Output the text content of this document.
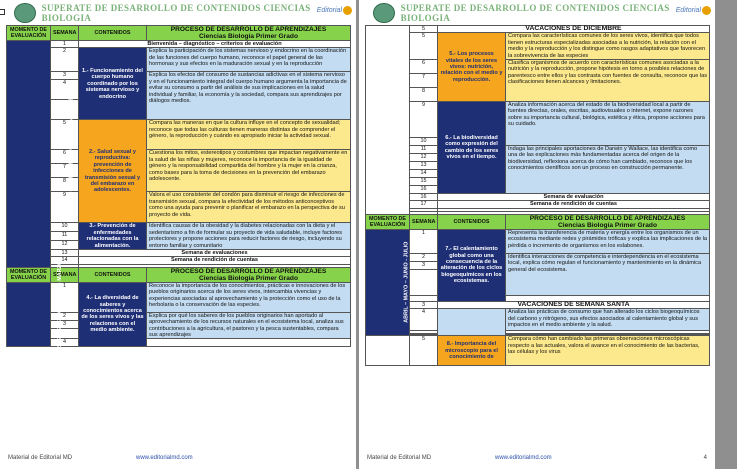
SUPERATE DE DESARROLLO DE CONTENIDOS CIENCIAS BIOLOGIA
Editorial
MOMENTO DE EVALUACIÓN	SEMANA	CONTENIDOS	PROCESO DE DESARROLLO DE APRENDIZAJES
Ciencias Biología Primer Grado

AGOSTO – SEPTIEMBRE OCTUBRE - NOVIEMBRE	1	Bienvenida – diagnóstico – criterios de evaluación	
	2	1.- Funcionamiento del cuerpo humano coordinado por los sistemas nervioso y endocrino	Explica la participación de los sistemas nervioso y endocrino en la coordinación de las funciones del cuerpo humano, reconoce el papel general de las hormonas y sus efectos en la maduración sexual y en la reproducción
	3		Explica los efectos del consumo de sustancias adictivas en el sistema nervioso y en el funcionamiento integral del cuerpo humano argumenta la importancia de evitar su consumo a partir del análisis de sus implicaciones en la salud individual y familiar, la economía y la sociedad, compara sus aprendizajes por diálogos medios.
	4		

	5	2.- Salud sexual y reproductiva: prevención de infecciones de transmisión sexual y del embarazo en adolescentes.	Compara las maneras en que la cultura influye en el concepto de sexualidad; reconoce que todas las culturas tienen maneras distintas de comprender el género, la reproducción y cuándo es apropiado iniciar la actividad sexual.
	6		Cuestiona los mitos, estereotipos y costumbres que impactan negativamente en la salud de las niñas y mujeres, reconoce la importancia de la igualdad de género y la responsabilidad compartida del hombre y la mujer en la crianza, como bases para la toma de decisiones en la prevención del embarazo adolescente.
	7		
	8		
	9		Valora el uso consistente del condón para disminuir el riesgo de infecciones de transmisión sexual, compara la efectividad de los métodos anticonceptivos como una ayuda para prevenir o planificar el embarazo en la perspectiva de su proyecto de vida.
	10	3.- Prevención de enfermedades relacionadas con la alimentación.	Identifica causas de la obesidad y la diabetes relacionadas con la dieta y el sedentarismo a fin de formular su proyecto de vida saludable, incluye factores protectores y propone acciones para reducir factores de riesgo, incluyendo su entorno familiar y comunitario
	11		
	12		
	13	Semana de evaluaciones	
	14	Semana de rendición de cuentas	

MOMENTO DE EVALUACIÓN	SEMANA	CONTENIDOS	PROCESO DE DESARROLLO DE APRENDIZAJES
Ciencias Biología Primer Grado

DICIEMBRE – ENERO FEBRERO- MARZO	1	4.- La diversidad de saberes y conocimientos acerca de los seres vivos y las relaciones con el medio ambiente.	Reconoce la importancia de los conocimientos, prácticas e innovaciones de los pueblos originarios acerca de los seres vivos, intercambia vivencias y experiencias asociadas al aprovechamiento y la protección como el uso de la herbolaria o la conservación de las especies.
	2		Explica por qué los saberes de los pueblos originarios han aportado al aprovechamiento de los recursos naturales en el ecosistema local, analiza sus contribuciones a la agricultura, el pastoreo y la pesca sustentables, compara sus aprendizajes
	3		

	4		
Material de Editorial MD	www.editorialmd.com
SUPERATE DE DESARROLLO DE CONTENIDOS CIENCIAS BIOLOGIA
Editorial
	5	VACACIONES DE DICIEMBRE	
	5	5.- Los procesos vitales de los seres vivos: nutrición, relación con el medio y reproducción.	Compara las características comunes de los seres vivos, identifica que todos tienen estructuras especializadas asociadas a la nutrición, la relación con el medio y la reproducción y los distingue como rasgos adaptativos que favorecen la sobrevivencia de las especies
	6		Clasifica organismos de acuerdo con características comunes asociadas a la nutrición y la reproducción, propone hipótesis en torno a posibles relaciones de parentesco entre ellos y las contrasta con fuentes de consulta, reconoce que las clasificaciones tienen alcances y limitaciones.
	7		
	8		
	9	6.- La biodiversidad como expresión del cambio de los seres vivos en el tiempo.	Analiza información acerca del estado de la biodiversidad local a partir de fuentes directas, orales, escritas, audiovisuales o internet, expone razones sobre su importancia cultural, biológica, estética y ética, propone acciones para su cuidado.
	10		
	11		Indaga las principales aportaciones de Darwin y Wallace, las identifica como una de las explicaciones más fundamentadas acerca del origen de la biodiversidad, reflexiona acerca de cómo han cambiado, reconoce que los conocimientos científicos son un proceso en construcción permanente.
	12		
	13		
	14		
	15		
	16		
	16	Semana de evaluación	
	17	Semana de rendición de cuentas	

MOMENTO DE EVALUACIÓN	SEMANA	CONTENIDOS	PROCESO DE DESARROLLO DE APRENDIZAJES
Ciencias Biología Primer Grado

ABRIL – MAYO – JUNIO - JULIO	1	7.- El calentamiento global como una consecuencia de la alteración de los ciclos biogeoquímicos en los ecosistemas.	Representa la transferencia de materia y energía entre los organismos de un ecosistema mediante redes y pirámides tróficas y explica las implicaciones de la pérdida o incremento de organismos en los eslabones.
	2		Identifica interacciones de competencia e interdependencia en el ecosistema local, explica cómo regulan el funcionamiento y mantenimiento en la dinámica general del ecosistema.
	3		

	3	VACACIONES DE SEMANA SANTA	
	4		Analiza las prácticas de consumo que han alterado los ciclos biogeoquímicos del carbono y nitrógeno, sus efectos asociados al calentamiento global y sus impactos en el medio ambiente y la salud.

	5	8.- Importancia del microscopio para el conocimiento de	Compara cómo han cambiado las primeras observaciones microscópicas respecto a las actuales, valora el avance en el conocimiento de las bacterias, las células y los virus
Material de Editorial MD	www.editorialmd.com	4
